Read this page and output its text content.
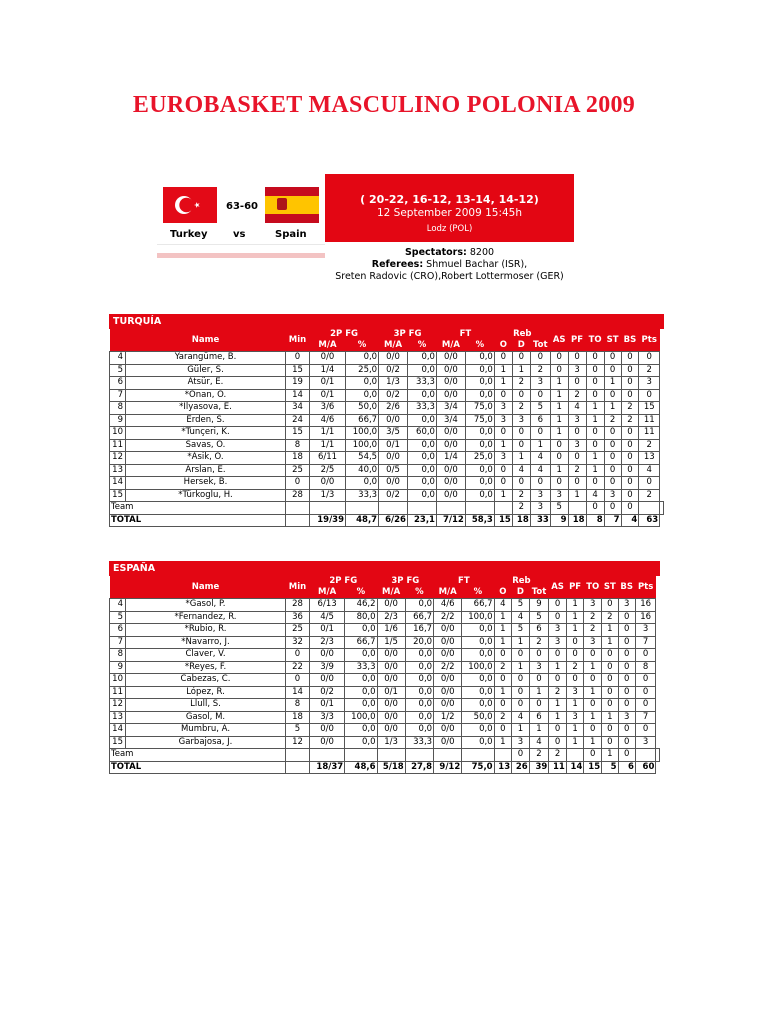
EUROBASKET MASCULINO POLONIA 2009
63-60
Turkey	vs	Spain
( 20-22, 16-12, 13-14, 14-12)
12 September 2009 15:45h
Lodz (POL)
Spectators: 8200
Referees: Shmuel Bachar (ISR),
Sreten Radovic (CRO),Robert Lottermoser (GER)
TURQUÍA
	Name	Min	2P FG		3P FG		FT		Reb			AS	PF	TO	ST	BS	Pts	
			M/A	%	M/A	%	M/A	%	O	D	Tot							
4	Yarangüme, B.	0	0/0	0,0	0/0	0,0	0/0	0,0	0	0	0	0	0	0	0	0	0	
5	Güler, S.	15	1/4	25,0	0/2	0,0	0/0	0,0	1	1	2	0	3	0	0	0	2	
6	Atsür, E.	19	0/1	0,0	1/3	33,3	0/0	0,0	1	2	3	1	0	0	1	0	3	
7	*Onan, Ö.	14	0/1	0,0	0/2	0,0	0/0	0,0	0	0	0	1	2	0	0	0	0	
8	*Ilyasova, E.	34	3/6	50,0	2/6	33,3	3/4	75,0	3	2	5	1	4	1	1	2	15	
9	Erden, S.	24	4/6	66,7	0/0	0,0	3/4	75,0	3	3	6	1	3	1	2	2	11	
10	*Tunçeri, K.	15	1/1	100,0	3/5	60,0	0/0	0,0	0	0	0	1	0	0	0	0	11	
11	Savas, O.	8	1/1	100,0	0/1	0,0	0/0	0,0	1	0	1	0	3	0	0	0	2	
12	*Asik, O.	18	6/11	54,5	0/0	0,0	1/4	25,0	3	1	4	0	0	1	0	0	13	
13	Arslan, E.	25	2/5	40,0	0/5	0,0	0/0	0,0	0	4	4	1	2	1	0	0	4	
14	Hersek, B.	0	0/0	0,0	0/0	0,0	0/0	0,0	0	0	0	0	0	0	0	0	0	
15	*Türkoglu, H.	28	1/3	33,3	0/2	0,0	0/0	0,0	1	2	3	3	1	4	3	0	2	
Team										2	3	5		0	0	0		
TOTAL			19/39	48,7	6/26	23,1	7/12	58,3	15	18	33	9	18	8	7	4	63	
ESPAÑA
	Name	Min	2P FG		3P FG		FT		Reb			AS	PF	TO	ST	BS	Pts	
			M/A	%	M/A	%	M/A	%	O	D	Tot							
4	*Gasol, P.	28	6/13	46,2	0/0	0,0	4/6	66,7	4	5	9	0	1	3	0	3	16	
5	*Fernandez, R.	36	4/5	80,0	2/3	66,7	2/2	100,0	1	4	5	0	1	2	2	0	16	
6	*Rubio, R.	25	0/1	0,0	1/6	16,7	0/0	0,0	1	5	6	3	1	2	1	0	3	
7	*Navarro, J.	32	2/3	66,7	1/5	20,0	0/0	0,0	1	1	2	3	0	3	1	0	7	
8	Claver, V.	0	0/0	0,0	0/0	0,0	0/0	0,0	0	0	0	0	0	0	0	0	0	
9	*Reyes, F.	22	3/9	33,3	0/0	0,0	2/2	100,0	2	1	3	1	2	1	0	0	8	
10	Cabezas, C.	0	0/0	0,0	0/0	0,0	0/0	0,0	0	0	0	0	0	0	0	0	0	
11	López, R.	14	0/2	0,0	0/1	0,0	0/0	0,0	1	0	1	2	3	1	0	0	0	
12	Llull, S.	8	0/1	0,0	0/0	0,0	0/0	0,0	0	0	0	1	1	0	0	0	0	
13	Gasol, M.	18	3/3	100,0	0/0	0,0	1/2	50,0	2	4	6	1	3	1	1	3	7	
14	Mumbru, A.	5	0/0	0,0	0/0	0,0	0/0	0,0	0	1	1	0	1	0	0	0	0	
15	Garbajosa, J.	12	0/0	0,0	1/3	33,3	0/0	0,0	1	3	4	0	1	1	0	0	3	
Team										0	2	2		0	1	0		
TOTAL			18/37	48,6	5/18	27,8	9/12	75,0	13	26	39	11	14	15	5	6	60	
